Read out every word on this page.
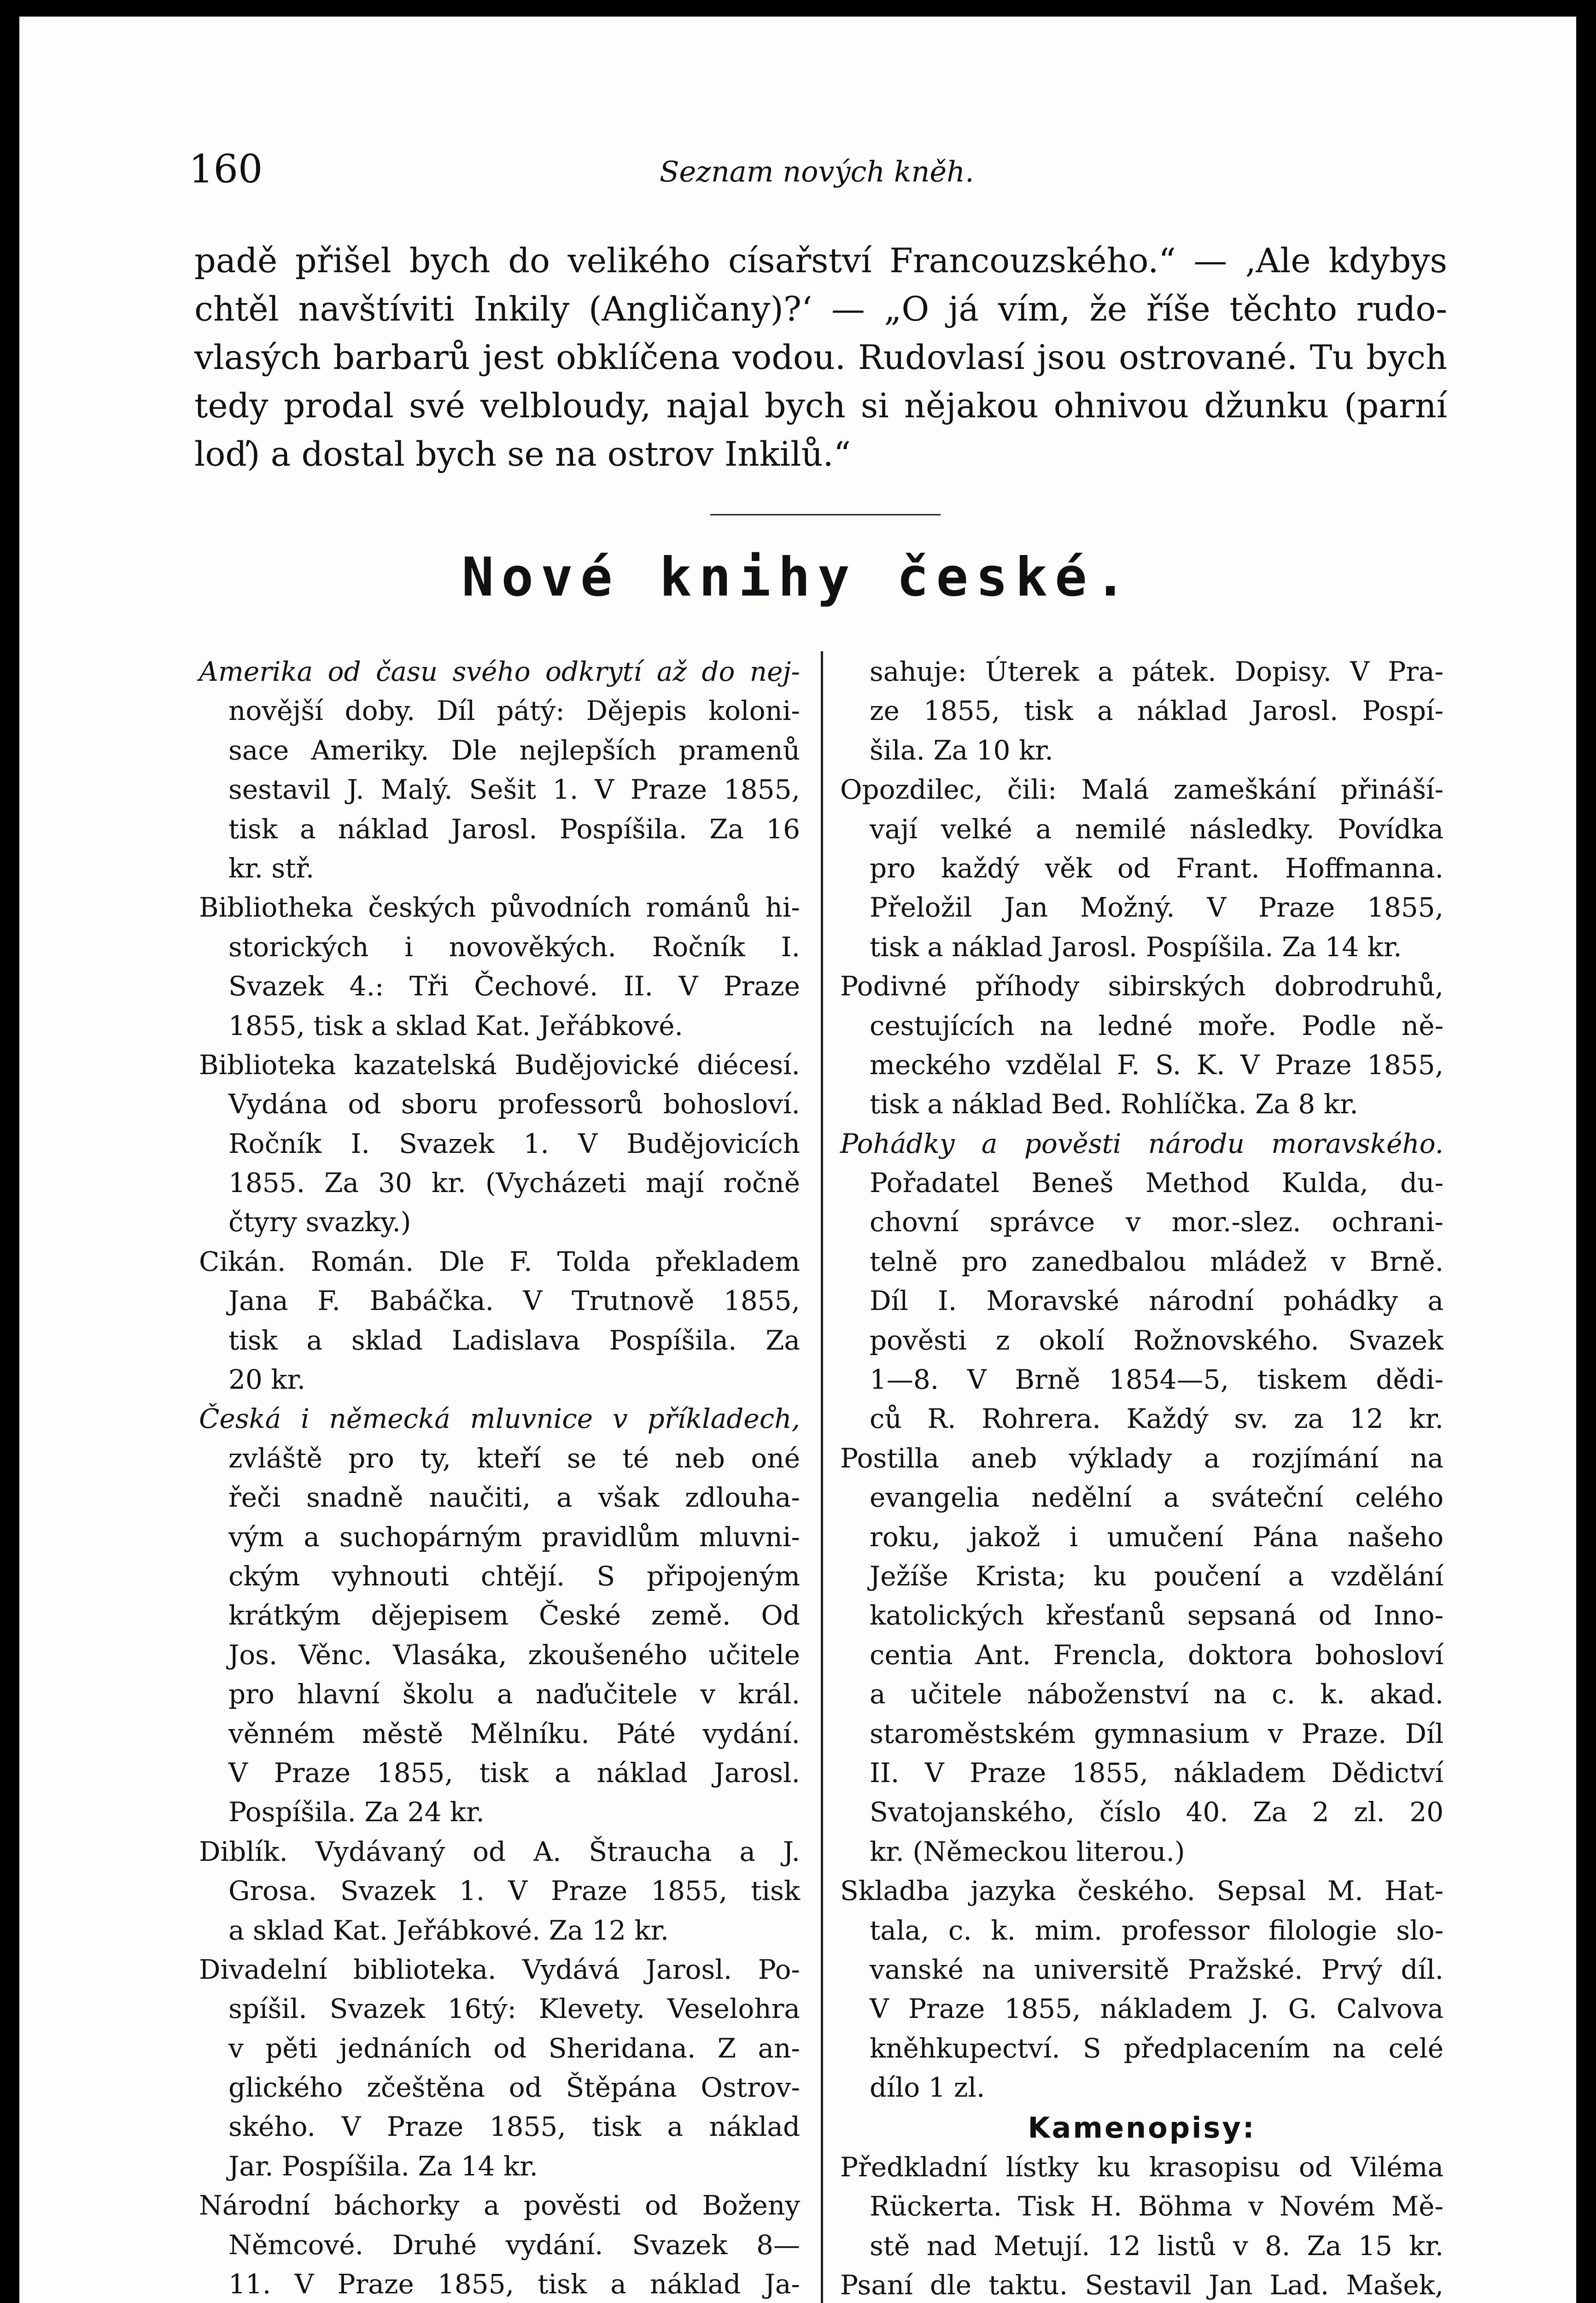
160	Seznam nových kněh.
padě přišel bych do velikého císařství Francouzského.“ — ‚Ale kdybys
chtěl navštíviti Inkily (Angličany)?‘ — „O já vím, že říše těchto rudo-
vlasých barbarů jest obklíčena vodou. Rudovlasí jsou ostrované. Tu bych
tedy prodal své velbloudy, najal bych si nějakou ohnivou džunku (parní
loď) a dostal bych se na ostrov Inkilů.“
Nové knihy české.
Amerika od času svého odkrytí až do nej-
novější doby. Díl pátý: Dějepis koloni-
sace Ameriky. Dle nejlepších pramenů
sestavil J. Malý. Sešit 1. V Praze 1855,
tisk a náklad Jarosl. Pospíšila. Za 16
kr. stř.
Bibliotheka českých původních románů hi-
storických i novověkých. Ročník I.
Svazek 4.: Tři Čechové. II. V Praze
1855, tisk a sklad Kat. Jeřábkové.
Biblioteka kazatelská Budějovické diécesí.
Vydána od sboru professorů bohosloví.
Ročník I. Svazek 1. V Budějovicích
1855. Za 30 kr. (Vycházeti mají ročně
čtyry svazky.)
Cikán. Román. Dle F. Tolda překladem
Jana F. Babáčka. V Trutnově 1855,
tisk a sklad Ladislava Pospíšila. Za
20 kr.
Česká i německá mluvnice v příkladech,
zvláště pro ty, kteří se té neb oné
řeči snadně naučiti, a však zdlouha-
vým a suchopárným pravidlům mluvni-
ckým vyhnouti chtějí. S připojeným
krátkým dějepisem České země. Od
Jos. Věnc. Vlasáka, zkoušeného učitele
pro hlavní školu a naďučitele v král.
věnném městě Mělníku. Páté vydání.
V Praze 1855, tisk a náklad Jarosl.
Pospíšila. Za 24 kr.
Diblík. Vydávaný od A. Štraucha a J.
Grosa. Svazek 1. V Praze 1855, tisk
a sklad Kat. Jeřábkové. Za 12 kr.
Divadelní biblioteka. Vydává Jarosl. Po-
spíšil. Svazek 16tý: Klevety. Veselohra
v pěti jednáních od Sheridana. Z an-
glického zčeštěna od Štěpána Ostrov-
ského. V Praze 1855, tisk a náklad
Jar. Pospíšila. Za 14 kr.
Národní báchorky a pověsti od Boženy
Němcové. Druhé vydání. Svazek 8—
11. V Praze 1855, tisk a náklad Ja-
sahuje: Úterek a pátek. Dopisy. V Pra-
ze 1855, tisk a náklad Jarosl. Pospí-
šila. Za 10 kr.
Opozdilec, čili: Malá zameškání přináší-
vají velké a nemilé následky. Povídka
pro každý věk od Frant. Hoffmanna.
Přeložil Jan Možný. V Praze 1855,
tisk a náklad Jarosl. Pospíšila. Za 14 kr.
Podivné příhody sibirských dobrodruhů,
cestujících na ledné moře. Podle ně-
meckého vzdělal F. S. K. V Praze 1855,
tisk a náklad Bed. Rohlíčka. Za 8 kr.
Pohádky a pověsti národu moravského.
Pořadatel Beneš Method Kulda, du-
chovní správce v mor.-slez. ochrani-
telně pro zanedbalou mládež v Brně.
Díl I. Moravské národní pohádky a
pověsti z okolí Rožnovského. Svazek
1—8. V Brně 1854—5, tiskem dědi-
ců R. Rohrera. Každý sv. za 12 kr.
Postilla aneb výklady a rozjímání na
evangelia nedělní a sváteční celého
roku, jakož i umučení Pána našeho
Ježíše Krista; ku poučení a vzdělání
katolických křesťanů sepsaná od Inno-
centia Ant. Frencla, doktora bohosloví
a učitele náboženství na c. k. akad.
staroměstském gymnasium v Praze. Díl
II. V Praze 1855, nákladem Dědictví
Svatojanského, číslo 40. Za 2 zl. 20
kr. (Německou literou.)
Skladba jazyka českého. Sepsal M. Hat-
tala, c. k. mim. professor filologie slo-
vanské na universitě Pražské. Prvý díl.
V Praze 1855, nákladem J. G. Calvova
kněhkupectví. S předplacením na celé
dílo 1 zl.
Kamenopisy:
Předkladní lístky ku krasopisu od Viléma
Rückerta. Tisk H. Böhma v Novém Mě-
stě nad Metují. 12 listů v 8. Za 15 kr.
Psaní dle taktu. Sestavil Jan Lad. Mašek,
